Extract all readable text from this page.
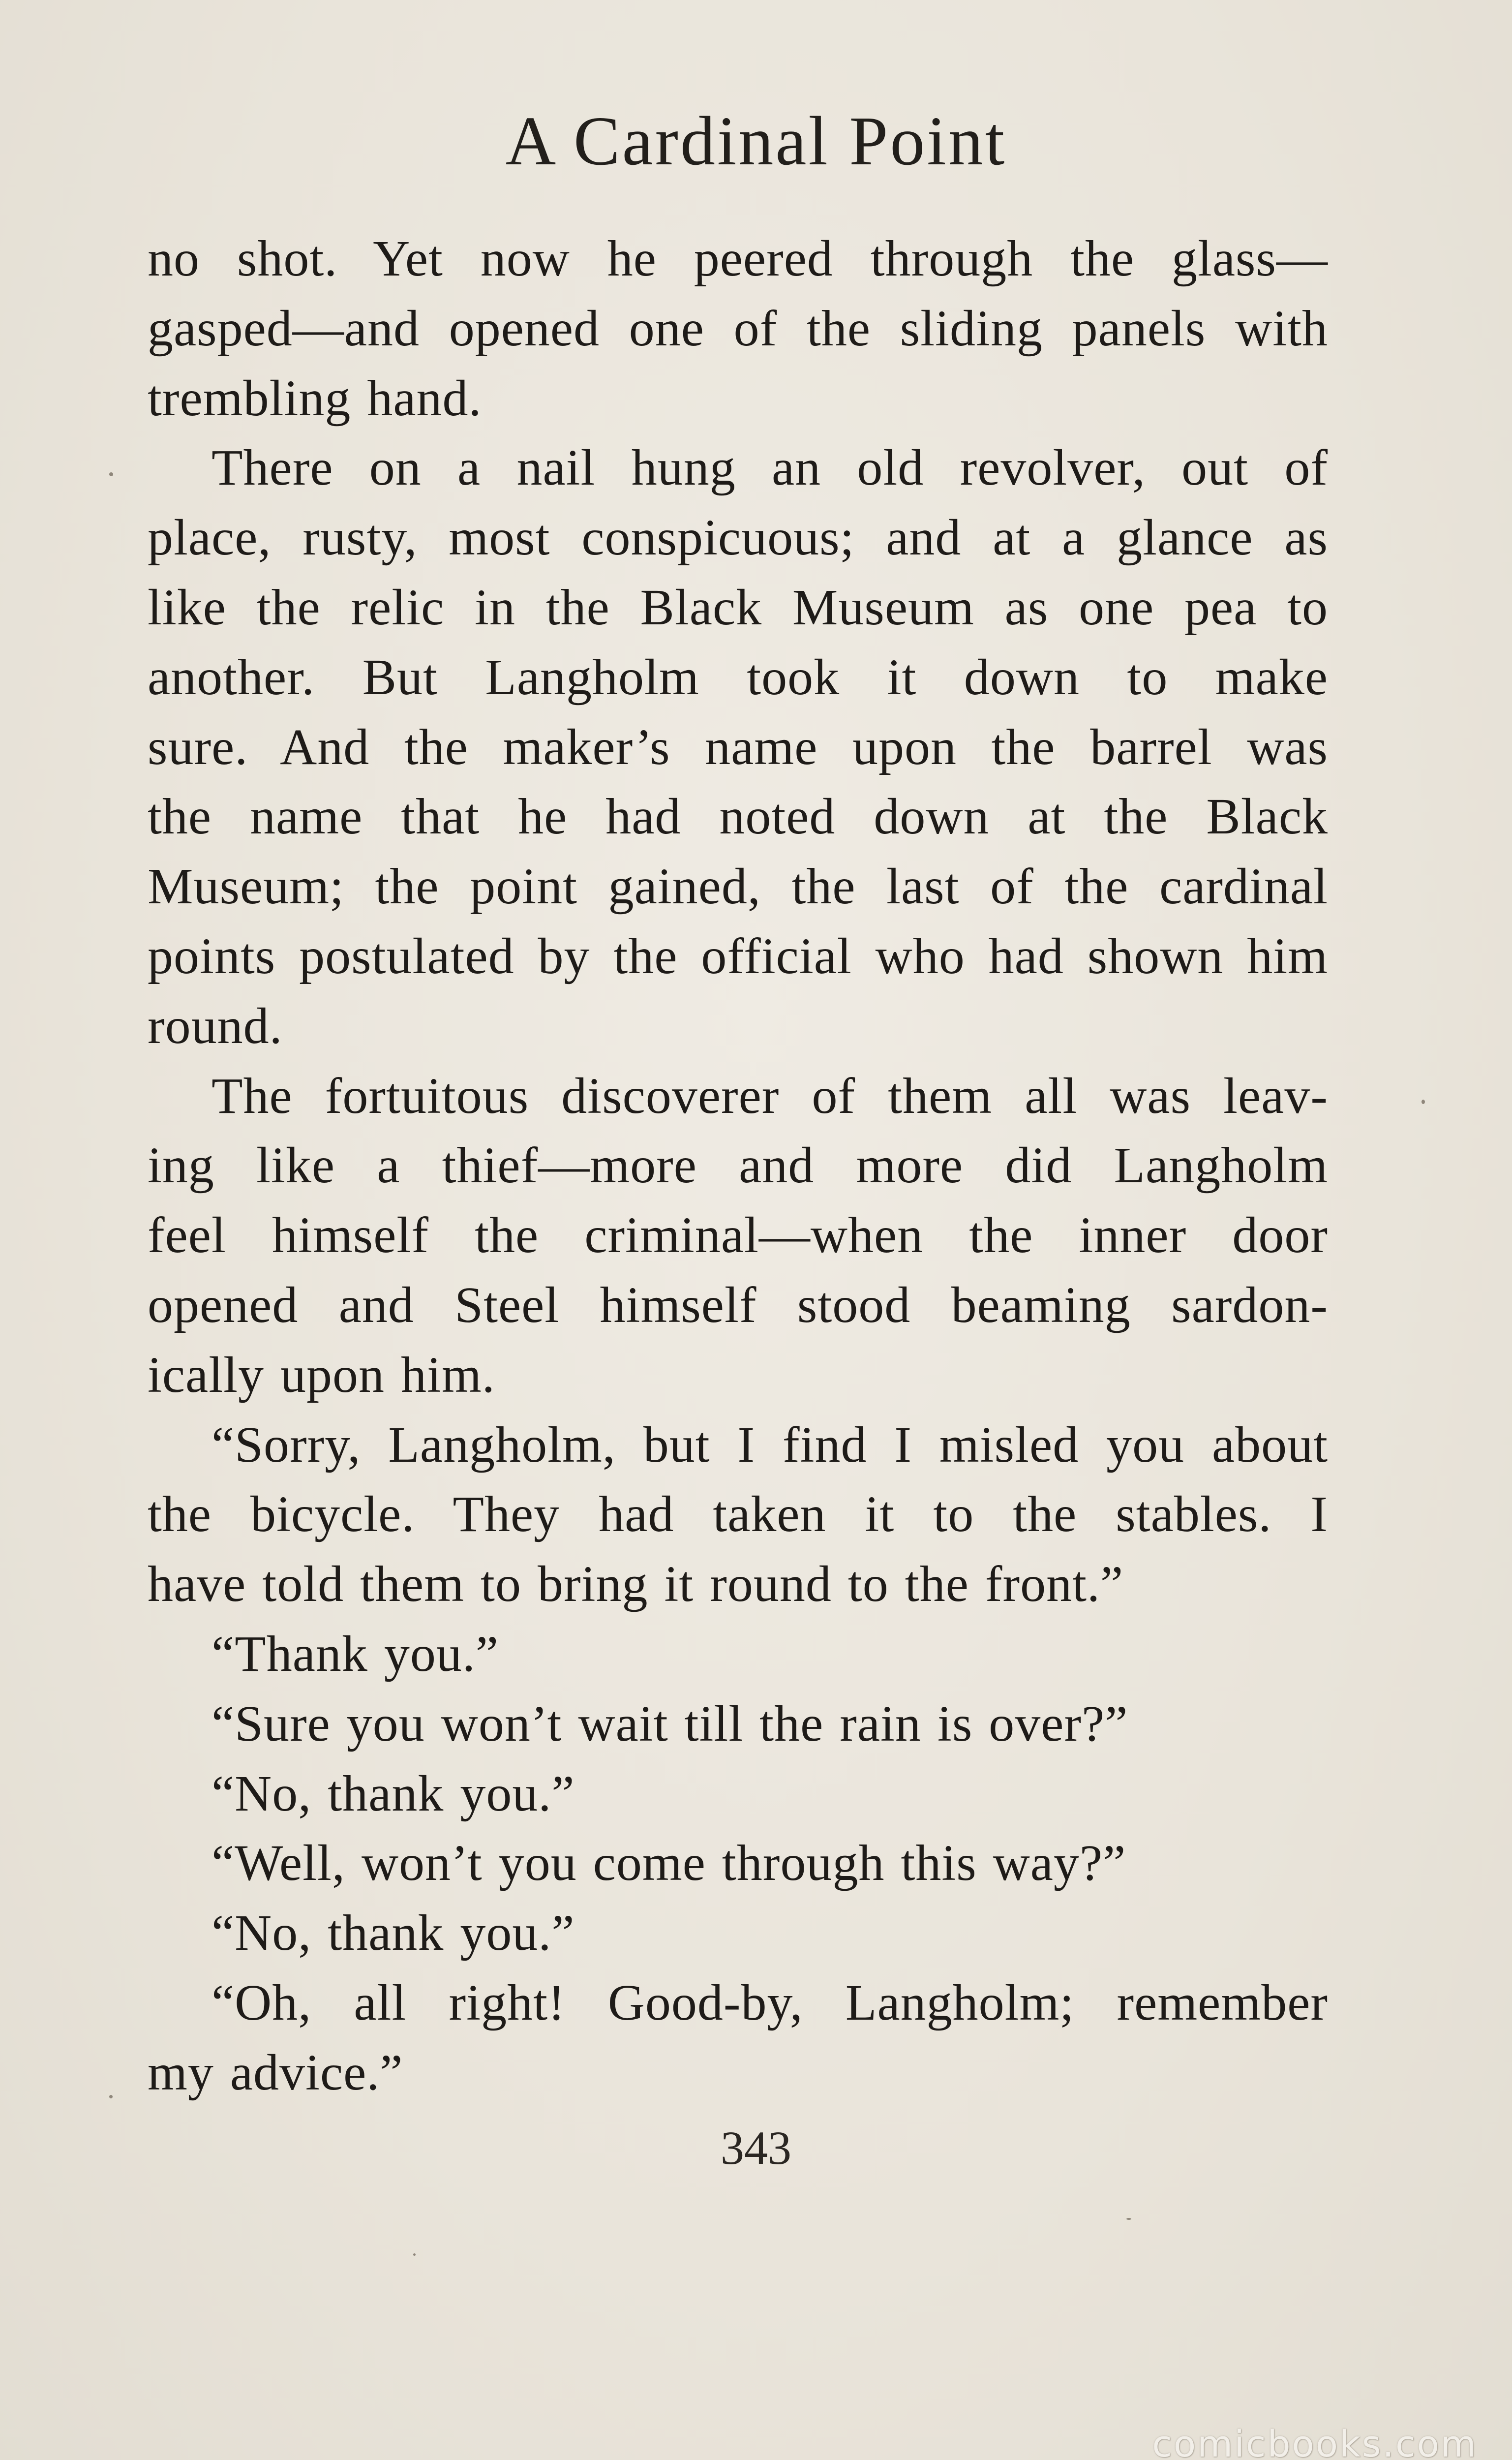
A Cardinal Point
no shot. Yet now he peered through the glass—
gasped—and opened one of the sliding panels with
trembling hand.
There on a nail hung an old revolver, out of
place, rusty, most conspicuous; and at a glance as
like the relic in the Black Museum as one pea to
another. But Langholm took it down to make
sure. And the maker’s name upon the barrel was
the name that he had noted down at the Black
Museum; the point gained, the last of the cardinal
points postulated by the official who had shown him
round.
The fortuitous discoverer of them all was leav-
ing like a thief—more and more did Langholm
feel himself the criminal—when the inner door
opened and Steel himself stood beaming sardon-
ically upon him.
“Sorry, Langholm, but I find I misled you about
the bicycle. They had taken it to the stables. I
have told them to bring it round to the front.”
“Thank you.”
“Sure you won’t wait till the rain is over?”
“No, thank you.”
“Well, won’t you come through this way?”
“No, thank you.”
“Oh, all right! Good-by, Langholm; remember
my advice.”
343
comicbooks.com
